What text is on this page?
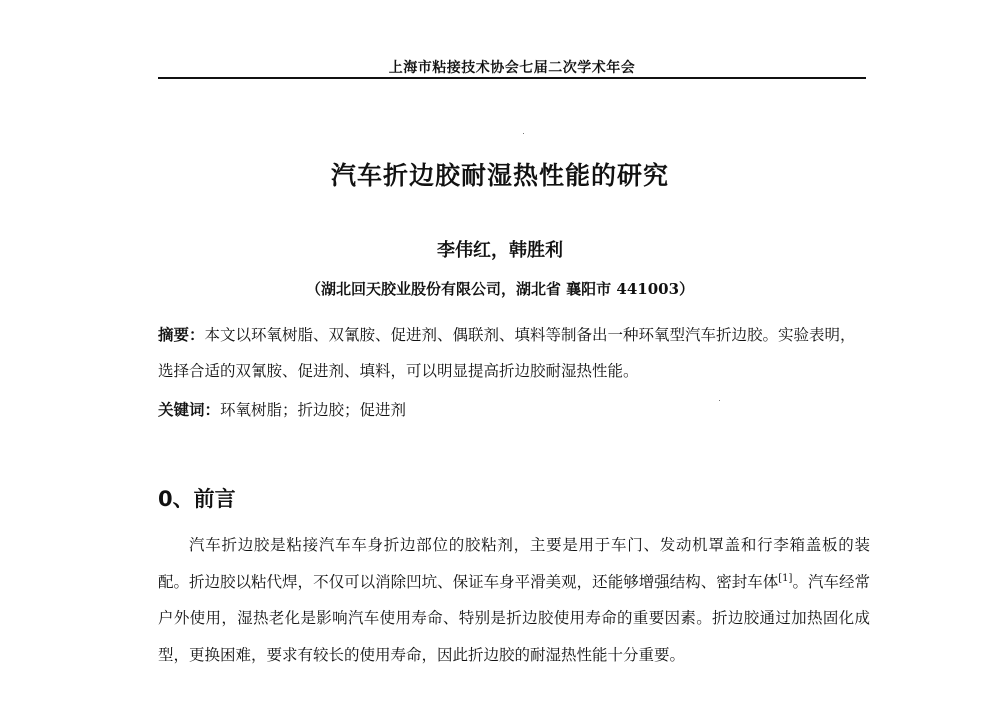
上海市粘接技术协会七届二次学术年会
汽车折边胶耐湿热性能的研究
李伟红，韩胜利
（湖北回天胶业股份有限公司，湖北省 襄阳市 441003）

摘要：本文以环氧树脂、双氰胺、促进剂、偶联剂、填料等制备出一种环氧型汽车折边胶。实验表明，选择合适的双氰胺、促进剂、填料，可以明显提高折边胶耐湿热性能。

关键词：环氧树脂；折边胶；促进剂
0、前言

汽车折边胶是粘接汽车车身折边部位的胶粘剂，主要是用于车门、发动机罩盖和行李箱盖板的装配。折边胶以粘代焊，不仅可以消除凹坑、保证车身平滑美观，还能够增强结构、密封车体[1]。汽车经常户外使用，湿热老化是影响汽车使用寿命、特别是折边胶使用寿命的重要因素。折边胶通过加热固化成型，更换困难，要求有较长的使用寿命，因此折边胶的耐湿热性能十分重要。
